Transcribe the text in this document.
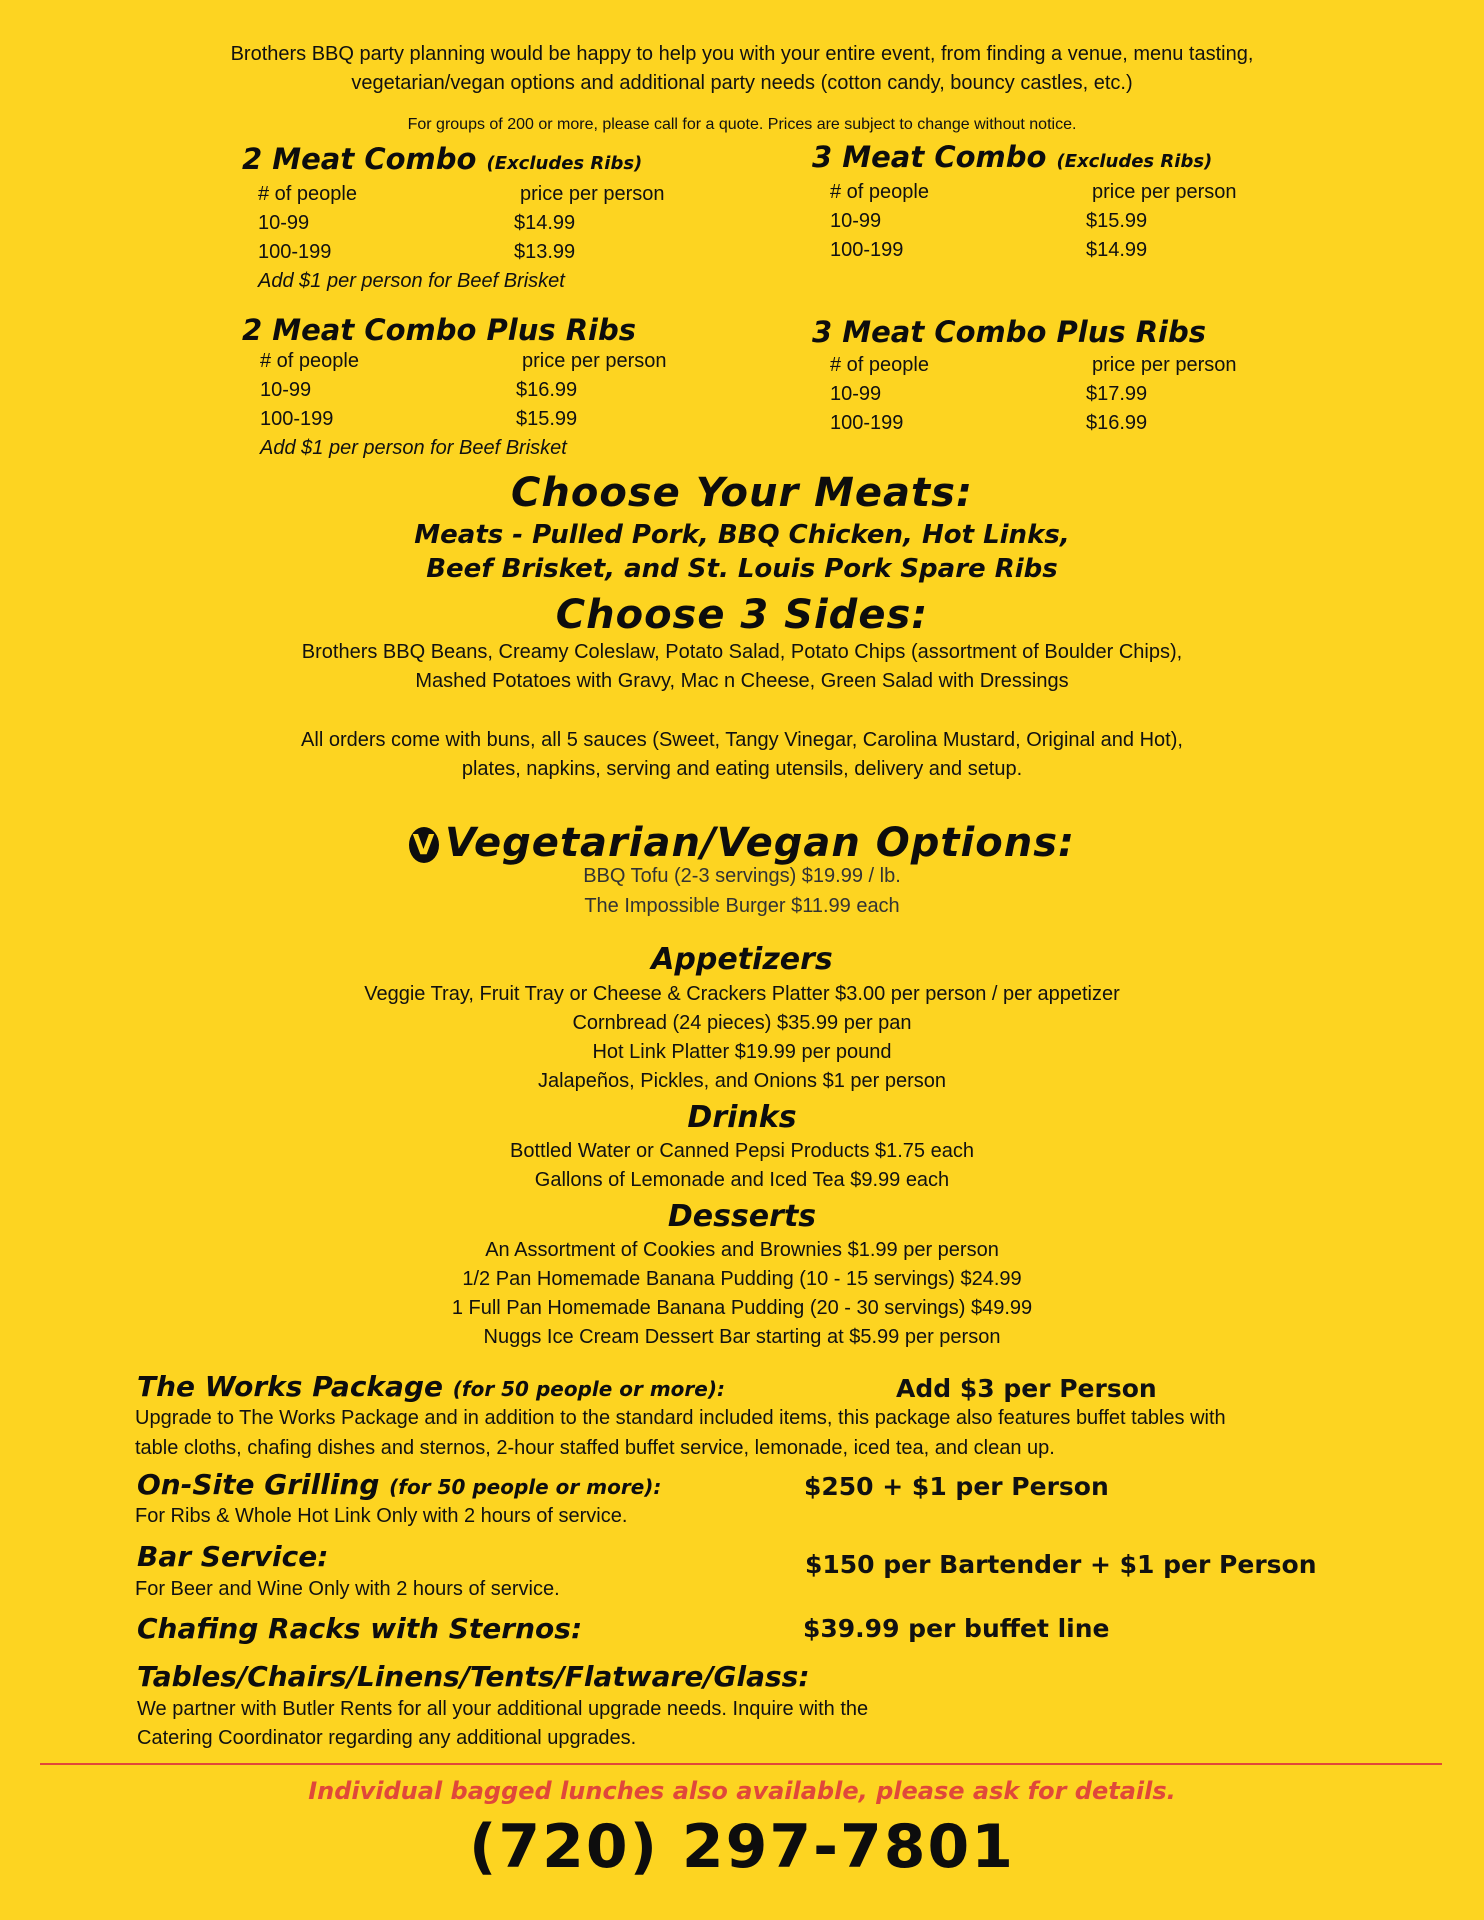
Brothers BBQ party planning would be happy to help you with your entire event, from finding a venue, menu tasting,
vegetarian/vegan options and additional party needs (cotton candy, bouncy castles, etc.)
For groups of 200 or more, please call for a quote. Prices are subject to change without notice.
2 Meat Combo (Excludes Ribs)
# of people	price per person
10-99	$14.99
100-199	$13.99
Add $1 per person for Beef Brisket
3 Meat Combo (Excludes Ribs)
# of people	price per person
10-99	$15.99
100-199	$14.99
2 Meat Combo Plus Ribs
# of people	price per person
10-99	$16.99
100-199	$15.99
Add $1 per person for Beef Brisket
3 Meat Combo Plus Ribs
# of people	price per person
10-99	$17.99
100-199	$16.99
Choose Your Meats:
Meats - Pulled Pork, BBQ Chicken, Hot Links,
Beef Brisket, and St. Louis Pork Spare Ribs
Choose 3 Sides:
Brothers BBQ Beans, Creamy Coleslaw, Potato Salad, Potato Chips (assortment of Boulder Chips),
Mashed Potatoes with Gravy, Mac n Cheese, Green Salad with Dressings
All orders come with buns, all 5 sauces (Sweet, Tangy Vinegar, Carolina Mustard, Original and Hot),
plates, napkins, serving and eating utensils, delivery and setup.
V Vegetarian/Vegan Options:
BBQ Tofu (2-3 servings) $19.99 / lb.
The Impossible Burger $11.99 each
Appetizers
Veggie Tray, Fruit Tray or Cheese & Crackers Platter $3.00 per person / per appetizer
Cornbread (24 pieces) $35.99 per pan
Hot Link Platter $19.99 per pound
Jalapeños, Pickles, and Onions $1 per person
Drinks
Bottled Water or Canned Pepsi Products $1.75 each
Gallons of Lemonade and Iced Tea $9.99 each
Desserts
An Assortment of Cookies and Brownies $1.99 per person
1/2 Pan Homemade Banana Pudding (10 - 15 servings) $24.99
1 Full Pan Homemade Banana Pudding (20 - 30 servings) $49.99
Nuggs Ice Cream Dessert Bar starting at $5.99 per person
The Works Package (for 50 people or more):	Add $3 per Person
Upgrade to The Works Package and in addition to the standard included items, this package also features buffet tables with
table cloths, chafing dishes and sternos, 2-hour staffed buffet service, lemonade, iced tea, and clean up.
On-Site Grilling (for 50 people or more):	$250 + $1 per Person
For Ribs & Whole Hot Link Only with 2 hours of service.
Bar Service:	$150 per Bartender + $1 per Person
For Beer and Wine Only with 2 hours of service.
Chafing Racks with Sternos:	$39.99 per buffet line
Tables/Chairs/Linens/Tents/Flatware/Glass:
We partner with Butler Rents for all your additional upgrade needs. Inquire with the
Catering Coordinator regarding any additional upgrades.
Individual bagged lunches also available, please ask for details.
(720) 297-7801
